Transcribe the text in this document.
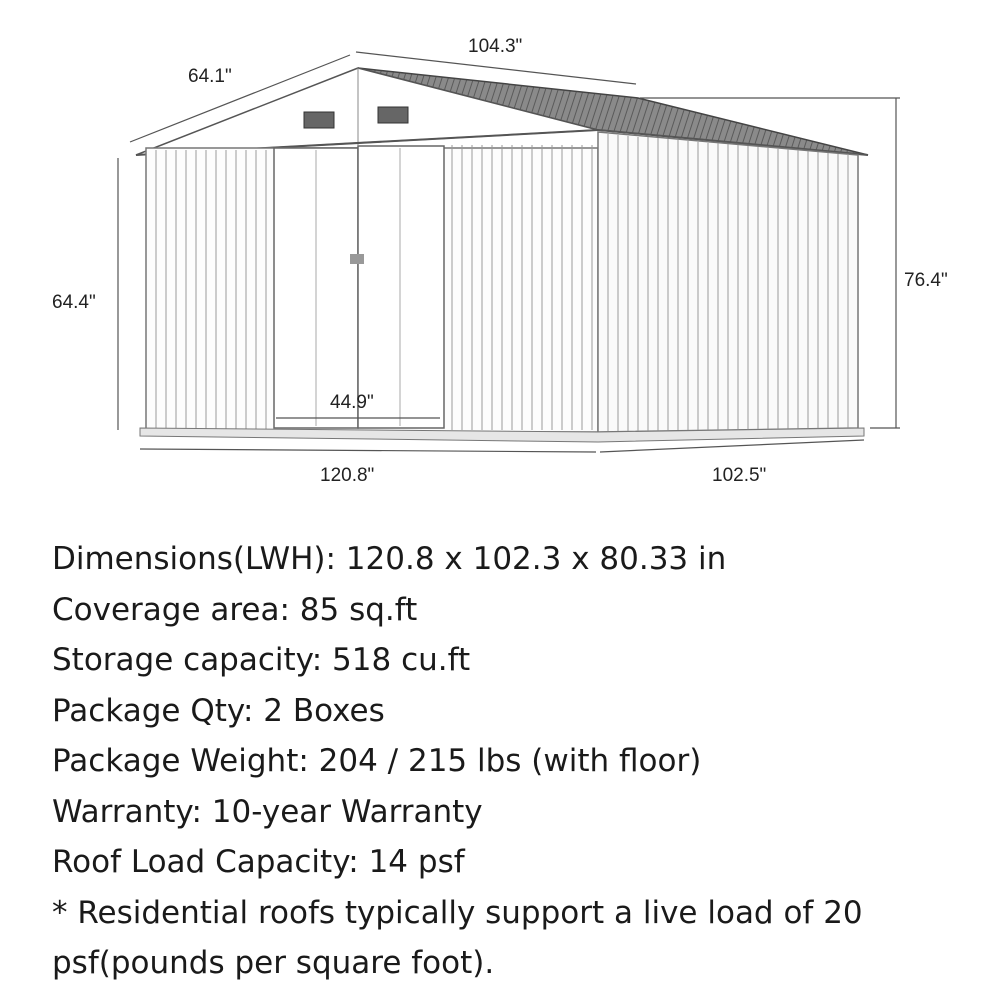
64.1"
104.3"
64.4"
76.4"
44.9"
120.8"	102.5"
Dimensions(LWH): 120.8 x 102.3 x 80.33 in
Coverage area: 85 sq.ft
Storage capacity: 518 cu.ft
Package Qty: 2 Boxes
Package Weight: 204 / 215 lbs (with floor)
Warranty: 10-year Warranty
Roof Load Capacity: 14 psf
* Residential roofs typically support a live load of 20 psf(pounds per square foot).
